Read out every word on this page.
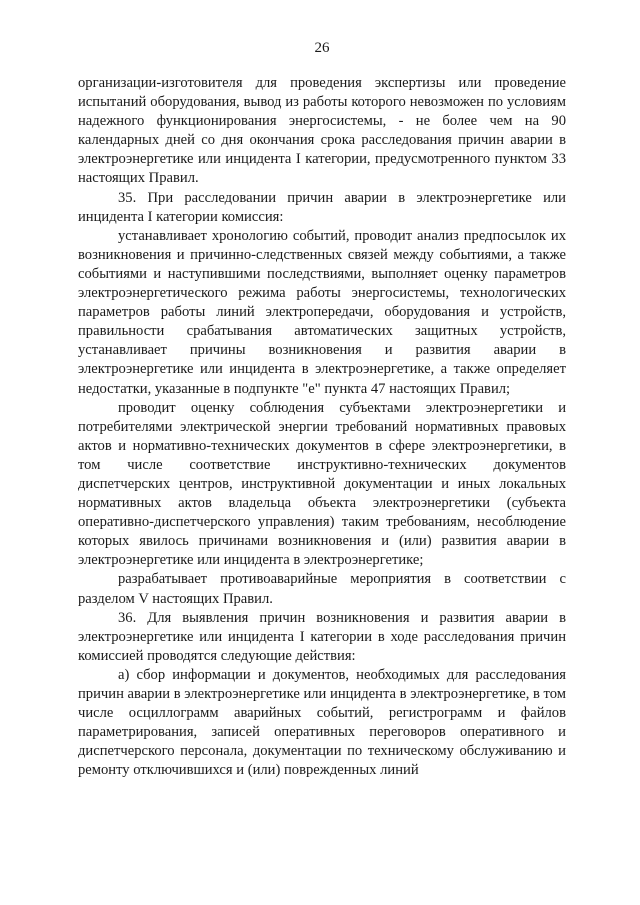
26

организации-изготовителя для проведения экспертизы или проведение испытаний оборудования, вывод из работы которого невозможен по условиям надежного функционирования энергосистемы, - не более чем на 90 календарных дней со дня окончания срока расследования причин аварии в электроэнергетике или инцидента I категории, предусмотренного пунктом 33 настоящих Правил.

35. При расследовании причин аварии в электроэнергетике или инцидента I категории комиссия:

устанавливает хронологию событий, проводит анализ предпосылок их возникновения и причинно-следственных связей между событиями, а также событиями и наступившими последствиями, выполняет оценку параметров электроэнергетического режима работы энергосистемы, технологических параметров работы линий электропередачи, оборудования и устройств, правильности срабатывания автоматических защитных устройств, устанавливает причины возникновения и развития аварии в электроэнергетике или инцидента в электроэнергетике, а также определяет недостатки, указанные в подпункте "е" пункта 47 настоящих Правил;

проводит оценку соблюдения субъектами электроэнергетики и потребителями электрической энергии требований нормативных правовых актов и нормативно-технических документов в сфере электроэнергетики, в том числе соответствие инструктивно-технических документов диспетчерских центров, инструктивной документации и иных локальных нормативных актов владельца объекта электроэнергетики (субъекта оперативно-диспетчерского управления) таким требованиям, несоблюдение которых явилось причинами возникновения и (или) развития аварии в электроэнергетике или инцидента в электроэнергетике;

разрабатывает противоаварийные мероприятия в соответствии с разделом V настоящих Правил.

36. Для выявления причин возникновения и развития аварии в электроэнергетике или инцидента I категории в ходе расследования причин комиссией проводятся следующие действия:

а) сбор информации и документов, необходимых для расследования причин аварии в электроэнергетике или инцидента в электроэнергетике, в том числе осциллограмм аварийных событий, регистрограмм и файлов параметрирования, записей оперативных переговоров оперативного и диспетчерского персонала, документации по техническому обслуживанию и ремонту отключившихся и (или) поврежденных линий
